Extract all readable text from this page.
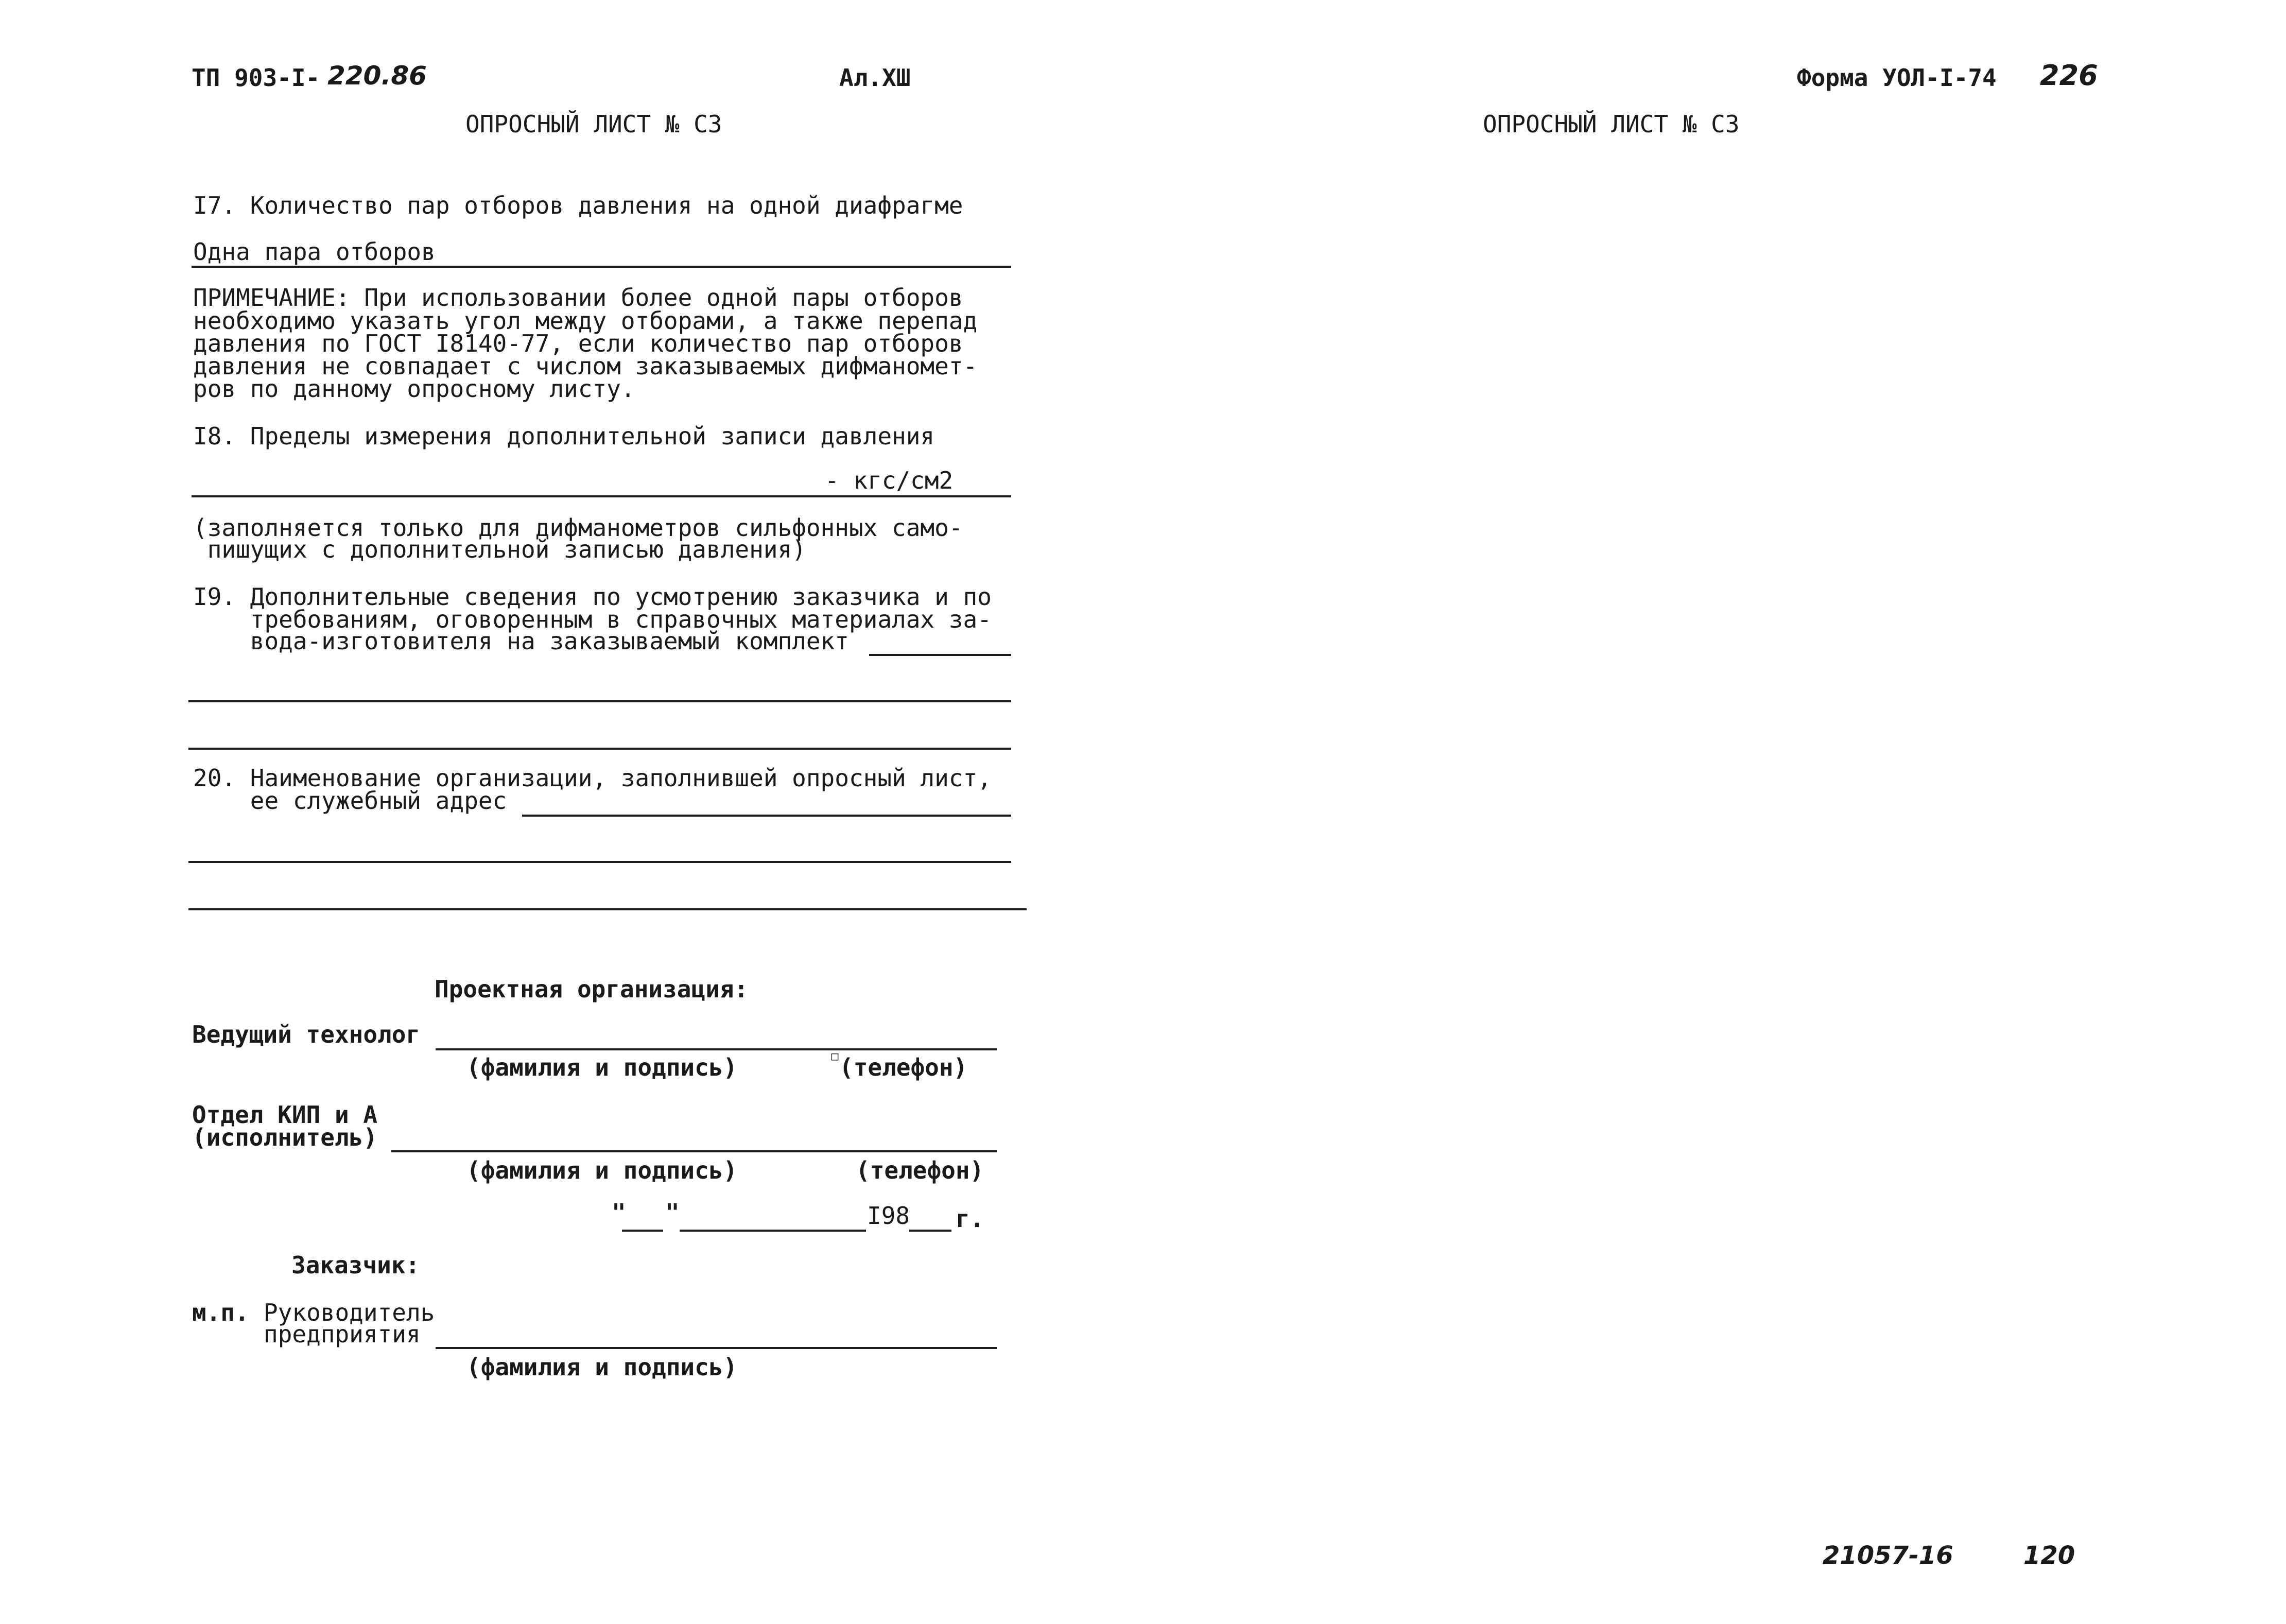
ТП 903-I- 220.86	Ал.XШ	Форма УОЛ-I-74 226
ОПРОСНЫЙ ЛИСТ № С3	ОПРОСНЫЙ ЛИСТ № С3
I7. Количество пар отборов давления на одной диафрагме
Одна пара отборов
ПРИМЕЧАНИЕ: При использовании более одной пары отборов
необходимо указать угол между отборами, а также перепад
давления по ГОСТ I8140-77, если количество пар отборов
давления не совпадает с числом заказываемых дифманомет-
ров по данному опросному листу.
I8. Пределы измерения дополнительной записи давления
- кгс/см2
(заполняется только для дифманометров сильфонных само-
пишущих с дополнительной записью давления)
I9. Дополнительные сведения по усмотрению заказчика и по
требованиям, оговоренным в справочных материалах за-
вода-изготовителя на заказываемый комплект
20. Наименование организации, заполнившей опросный лист,
ее служебный адрес
Проектная организация:
Ведущий технолог
(фамилия и подпись)	▫ (телефон)
Отдел КИП и А
(исполнитель)
(фамилия и подпись)	(телефон)
" "	I98 г.
Заказчик:
м.п. Руководитель
предприятия
(фамилия и подпись)
21057-16	120
